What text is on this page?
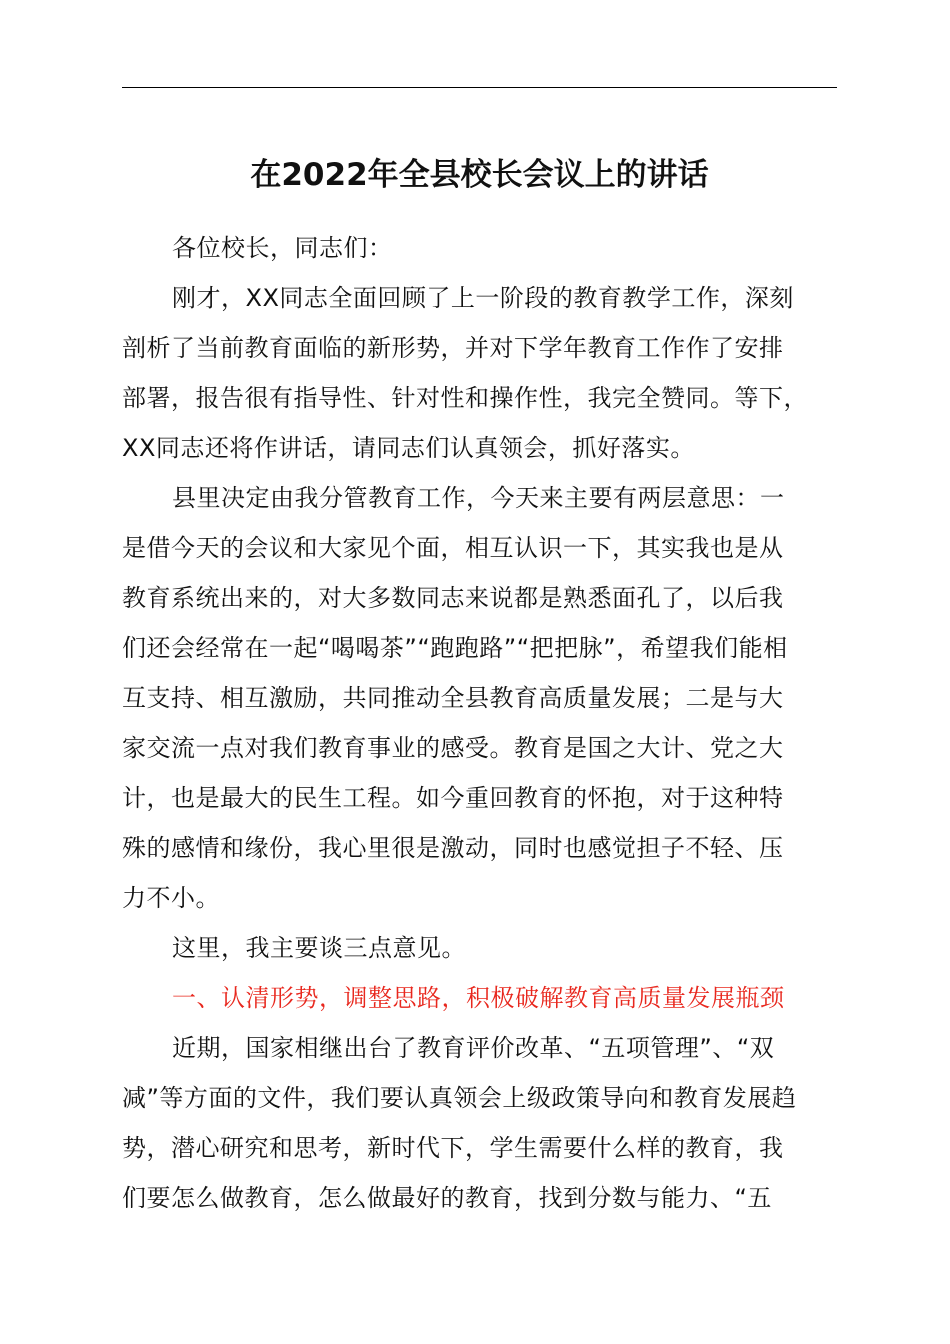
在2022年全县校长会议上的讲话
各位校长，同志们：
刚才，XX同志全面回顾了上一阶段的教育教学工作，深刻
剖析了当前教育面临的新形势，并对下学年教育工作作了安排
部署，报告很有指导性、针对性和操作性，我完全赞同。等下，
XX同志还将作讲话，请同志们认真领会，抓好落实。
县里决定由我分管教育工作，今天来主要有两层意思：一
是借今天的会议和大家见个面，相互认识一下，其实我也是从
教育系统出来的，对大多数同志来说都是熟悉面孔了，以后我
们还会经常在一起“喝喝茶”“跑跑路”“把把脉”，希望我们能相
互支持、相互激励，共同推动全县教育高质量发展；二是与大
家交流一点对我们教育事业的感受。教育是国之大计、党之大
计，也是最大的民生工程。如今重回教育的怀抱，对于这种特
殊的感情和缘份，我心里很是激动，同时也感觉担子不轻、压
力不小。
这里，我主要谈三点意见。
一、认清形势，调整思路，积极破解教育高质量发展瓶颈
近期，国家相继出台了教育评价改革、“五项管理”、“双
减”等方面的文件，我们要认真领会上级政策导向和教育发展趋
势，潜心研究和思考，新时代下，学生需要什么样的教育，我
们要怎么做教育，怎么做最好的教育，找到分数与能力、“五
